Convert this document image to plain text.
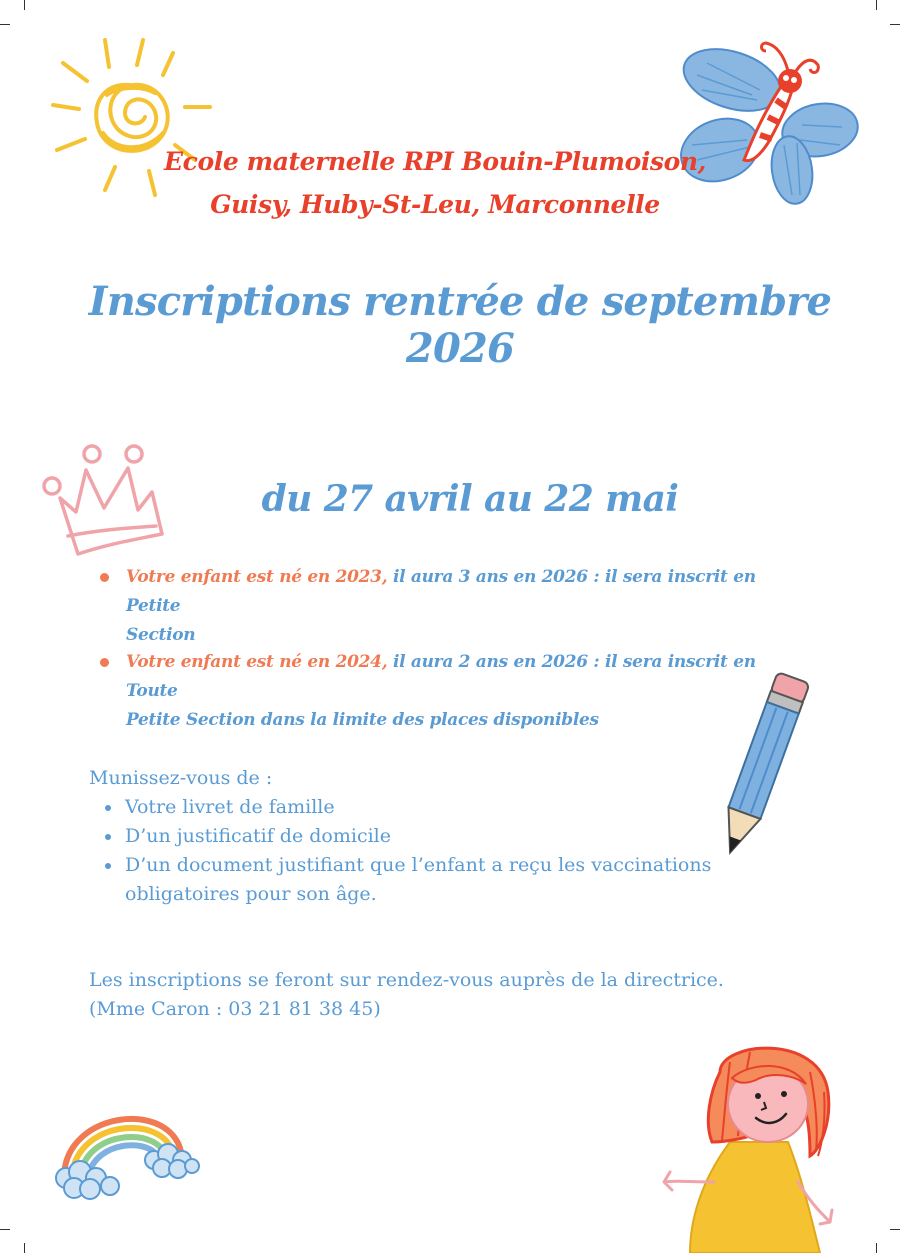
Ecole maternelle RPI Bouin-Plumoison,
Guisy, Huby-St-Leu, Marconnelle
Inscriptions rentrée de septembre 2026
du 27 avril au 22 mai
Votre enfant est né en 2023, il aura 3 ans en 2026 : il sera inscrit en Petite
Section
Votre enfant est né en 2024, il aura 2 ans en 2026 : il sera inscrit en Toute
Petite Section dans la limite des places disponibles
Munissez-vous de :
Votre livret de famille
D’un justificatif de domicile
D’un document justifiant que l’enfant a reçu les vaccinations
obligatoires pour son âge.
Les inscriptions se feront sur rendez-vous auprès de la directrice.
(Mme Caron : 03 21 81 38 45)
